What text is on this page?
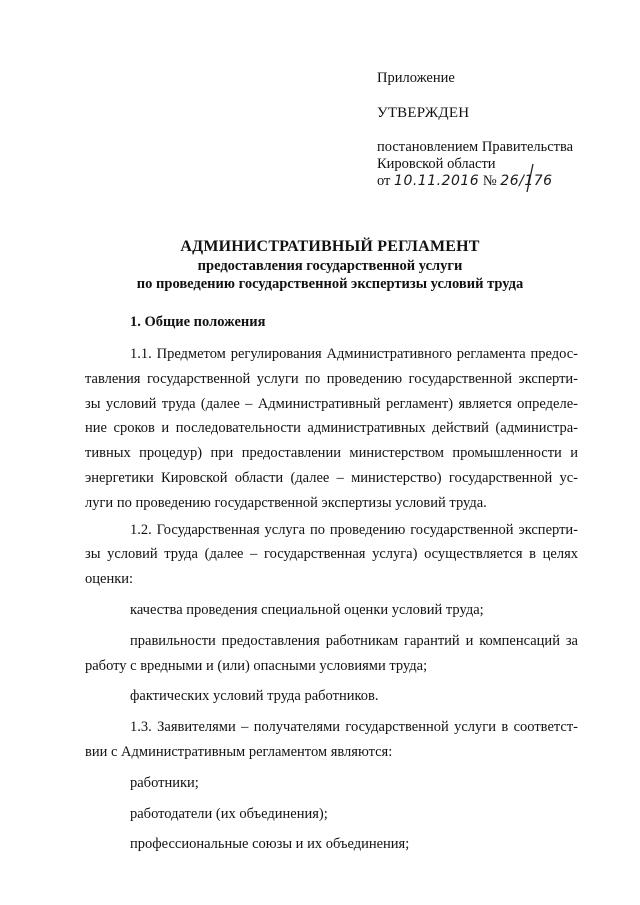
Приложение
УТВЕРЖДЕН
постановлением Правительства
Кировской области
от 10.11.2016 № 26/176
АДМИНИСТРАТИВНЫЙ РЕГЛАМЕНТ
предоставления государственной услуги
по проведению государственной экспертизы условий труда
1. Общие положения

1.1. Предметом регулирования Административного регламента предос-
тавления государственной услуги по проведению государственной эксперти-
зы условий труда (далее – Административный регламент) является определе-
ние сроков и последовательности административных действий (администра-
тивных процедур) при предоставлении министерством промышленности и
энергетики Кировской области (далее – министерство) государственной ус-
луги по проведению государственной экспертизы условий труда.

1.2. Государственная услуга по проведению государственной эксперти-
зы условий труда (далее – государственная услуга) осуществляется в целях
оценки:

качества проведения специальной оценки условий труда;

правильности предоставления работникам гарантий и компенсаций за
работу с вредными и (или) опасными условиями труда;

фактических условий труда работников.

1.3. Заявителями – получателями государственной услуги в соответст-
вии с Административным регламентом являются:

работники;

работодатели (их объединения);

профессиональные союзы и их объединения;
